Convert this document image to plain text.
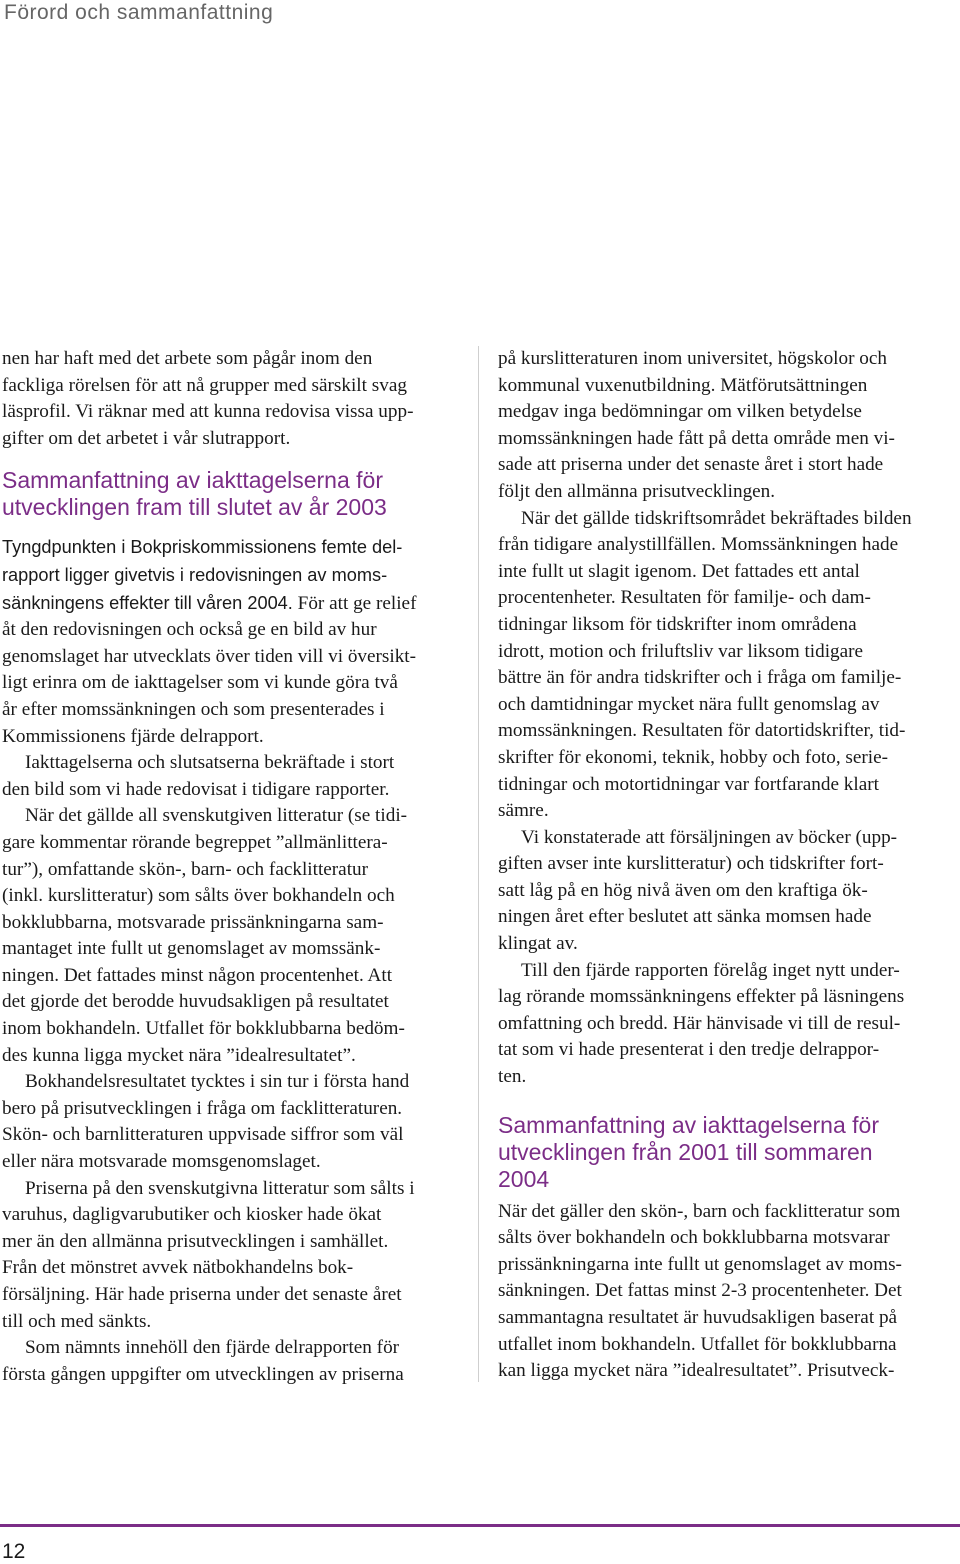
Förord och sammanfattning

nen har haft med det arbete som pågår inom den
fackliga rörelsen för att nå grupper med särskilt svag
läsprofil. Vi räknar med att kunna redovisa vissa upp-
gifter om det arbetet i vår slutrapport.

Sammanfattning av iakttagelserna för
utvecklingen fram till slutet av år 2003

Tyngdpunkten i Bokpriskommissionens femte del-
rapport ligger givetvis i redovisningen av moms-
sänkningens effekter till våren 2004. För att ge relief
åt den redovisningen och också ge en bild av hur
genomslaget har utvecklats över tiden vill vi översikt-
ligt erinra om de iakttagelser som vi kunde göra två
år efter momssänkningen och som presenterades i
Kommissionens fjärde delrapport.

Iakttagelserna och slutsatserna bekräftade i stort
den bild som vi hade redovisat i tidigare rapporter.

När det gällde all svenskutgiven litteratur (se tidi-
gare kommentar rörande begreppet ”allmänlittera-
tur”), omfattande skön-, barn- och facklitteratur
(inkl. kurslitteratur) som sålts över bokhandeln och
bokklubbarna, motsvarade prissänkningarna sam-
mantaget inte fullt ut genomslaget av momssänk-
ningen. Det fattades minst någon procentenhet. Att
det gjorde det berodde huvudsakligen på resultatet
inom bokhandeln. Utfallet för bokklubbarna bedöm-
des kunna ligga mycket nära ”idealresultatet”.

Bokhandelsresultatet tycktes i sin tur i första hand
bero på prisutvecklingen i fråga om facklitteraturen.
Skön- och barnlitteraturen uppvisade siffror som väl
eller nära motsvarade momsgenomslaget.

Priserna på den svenskutgivna litteratur som sålts i
varuhus, dagligvarubutiker och kiosker hade ökat
mer än den allmänna prisutvecklingen i samhället.
Från det mönstret avvek nätbokhandelns bok-
försäljning. Här hade priserna under det senaste året
till och med sänkts.

Som nämnts innehöll den fjärde delrapporten för
första gången uppgifter om utvecklingen av priserna

på kurslitteraturen inom universitet, högskolor och
kommunal vuxenutbildning. Mätförutsättningen
medgav inga bedömningar om vilken betydelse
momssänkningen hade fått på detta område men vi-
sade att priserna under det senaste året i stort hade
följt den allmänna prisutvecklingen.

När det gällde tidskriftsområdet bekräftades bilden
från tidigare analystillfällen. Momssänkningen hade
inte fullt ut slagit igenom. Det fattades ett antal
procentenheter. Resultaten för familje- och dam-
tidningar liksom för tidskrifter inom områdena
idrott, motion och friluftsliv var liksom tidigare
bättre än för andra tidskrifter och i fråga om familje-
och damtidningar mycket nära fullt genomslag av
momssänkningen. Resultaten för datortidskrifter, tid-
skrifter för ekonomi, teknik, hobby och foto, serie-
tidningar och motortidningar var fortfarande klart
sämre.

Vi konstaterade att försäljningen av böcker (upp-
giften avser inte kurslitteratur) och tidskrifter fort-
satt låg på en hög nivå även om den kraftiga ök-
ningen året efter beslutet att sänka momsen hade
klingat av.

Till den fjärde rapporten förelåg inget nytt under-
lag rörande momssänkningens effekter på läsningens
omfattning och bredd. Här hänvisade vi till de resul-
tat som vi hade presenterat i den tredje delrappor-
ten.

Sammanfattning av iakttagelserna för
utvecklingen från 2001 till sommaren
2004

När det gäller den skön-, barn och facklitteratur som
sålts över bokhandeln och bokklubbarna motsvarar
prissänkningarna inte fullt ut genomslaget av moms-
sänkningen. Det fattas minst 2-3 procentenheter. Det
sammantagna resultatet är huvudsakligen baserat på
utfallet inom bokhandeln. Utfallet för bokklubbarna
kan ligga mycket nära ”idealresultatet”. Prisutveck-

12
